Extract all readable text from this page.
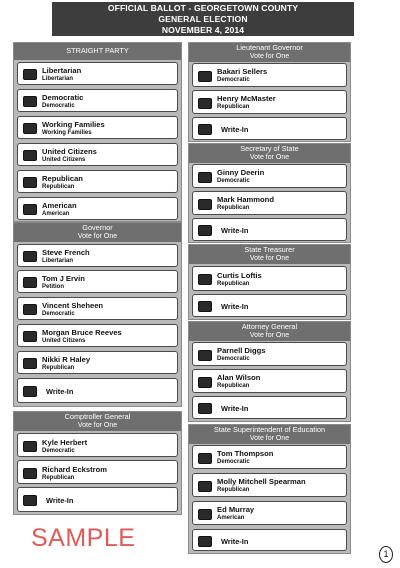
OFFICIAL BALLOT - GEORGETOWN COUNTY
GENERAL ELECTION
NOVEMBER 4, 2014
STRAIGHT PARTY
Libertarian
Libertarian
Democratic
Democratic
Working Families
Working Families
United Citizens
United Citizens
Republican
Republican
American
American
Governor
Vote for One
Steve French
Libertarian
Tom J Ervin
Petition
Vincent Sheheen
Democratic
Morgan Bruce Reeves
United Citizens
Nikki R Haley
Republican
Write-In
Comptroller General
Vote for One
Kyle Herbert
Democratic
Richard Eckstrom
Republican
Write-In
Lieutenant Governor
Vote for One
Bakari Sellers
Democratic
Henry McMaster
Republican
Write-In
Secretary of State
Vote for One
Ginny Deerin
Democratic
Mark Hammond
Republican
Write-In
State Treasurer
Vote for One
Curtis Loftis
Republican
Write-In
Attorney General
Vote for One
Parnell Diggs
Democratic
Alan Wilson
Republican
Write-In
State Superintendent of Education
Vote for One
Tom Thompson
Democratic
Molly Mitchell Spearman
Republican
Ed Murray
American
Write-In
SAMPLE
1
